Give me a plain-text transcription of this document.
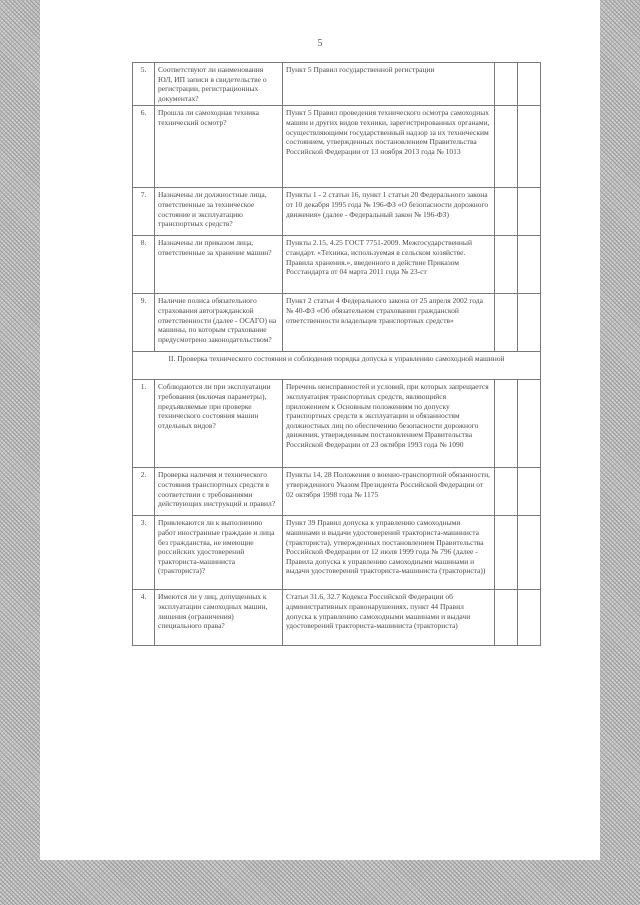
5
5.	Соответствуют ли наименования ЮЛ, ИП записи в свидетельстве о регистрации, регистрационных документах?	Пункт 5 Правил государственной регистрации		
6.	Прошла ли самоходная техника технический осмотр?	Пункт 5 Правил проведения технического осмотра самоходных машин и других видов техники, зарегистрированных органами, осуществляющими государственный надзор за их техническим состоянием, утвержденных постановлением Правительства Российской Федерации от 13 ноября 2013 года № 1013		
7.	Назначены ли должностные лица, ответственные за техническое состояние и эксплуатацию транспортных средств?	Пункты 1 - 2 статьи 16, пункт 1 статьи 20 Федерального закона от 10 декабря 1995 года № 196-ФЗ «О безопасности дорожного движения» (далее - Федеральный закон № 196-ФЗ)		
8.	Назначены ли приказом лица, ответственные за хранение машин?	Пункты 2.15, 4.25 ГОСТ 7751-2009. Межгосударственный стандарт. «Техника, используемая в сельском хозяйстве. Правила хранения.», введенного в действие Приказом Росстандарта от 04 марта 2011 года № 23-ст		
9.	Наличие полиса обязательного страхования автогражданской ответственности (далее - ОСАГО) на машины, по которым страхование предусмотрено законодательством?	Пункт 2 статьи 4 Федерального закона от 25 апреля 2002 года № 40-ФЗ «Об обязательном страховании гражданской ответственности владельцев транспортных средств»		
II. Проверка технического состояния и соблюдения порядка допуска к управлению самоходной машиной				
1.	Соблюдаются ли при эксплуатации требования (включая параметры), предъявляемые при проверке технического состояния машин отдельных видов?	Перечень неисправностей и условий, при которых запрещается эксплуатация транспортных средств, являющийся приложением к Основным положениям по допуску транспортных средств к эксплуатации и обязанностям должностных лиц по обеспечению безопасности дорожного движения, утвержденным постановлением Правительства Российской Федерации от 23 октября 1993 года № 1090		
2.	Проверка наличия и технического состояния транспортных средств в соответствии с требованиями действующих инструкций и правил?	Пункты 14, 28 Положения о военно-транспортной обязанности, утвержденного Указом Президента Российской Федерации от 02 октября 1998 года № 1175		
3.	Привлекаются ли к выполнению работ иностранные граждане и лица без гражданства, не имеющие российских удостоверений тракториста-машиниста (тракториста)?	Пункт 39 Правил допуска к управлению самоходными машинами и выдачи удостоверений тракториста-машиниста (тракториста), утвержденных постановлением Правительства Российской Федерации от 12 июля 1999 года № 796 (далее - Правила допуска к управлению самоходными машинами и выдачи удостоверений тракториста-машиниста (тракториста))		
4.	Имеются ли у лиц, допущенных к эксплуатации самоходных машин, лишения (ограничения) специального права?	Статьи 31.6, 32.7 Кодекса Российской Федерации об административных правонарушениях, пункт 44 Правил допуска к управлению самоходными машинами и выдачи удостоверений тракториста-машиниста (тракториста)		
